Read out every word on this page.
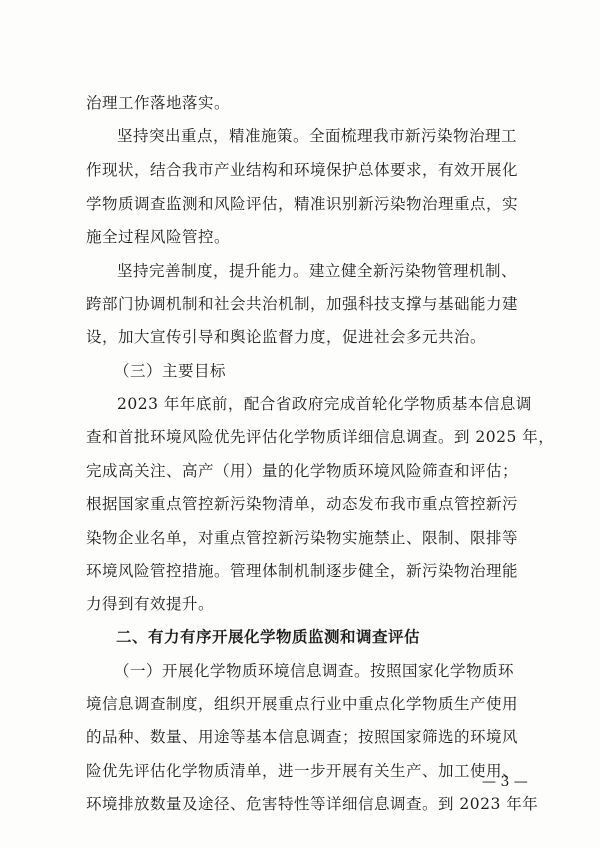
治理工作落地落实。
坚持突出重点，精准施策。全面梳理我市新污染物治理工
作现状，结合我市产业结构和环境保护总体要求，有效开展化
学物质调查监测和风险评估，精准识别新污染物治理重点，实
施全过程风险管控。
坚持完善制度，提升能力。建立健全新污染物管理机制、
跨部门协调机制和社会共治机制，加强科技支撑与基础能力建
设，加大宣传引导和舆论监督力度，促进社会多元共治。
（三）主要目标
2023 年年底前，配合省政府完成首轮化学物质基本信息调
查和首批环境风险优先评估化学物质详细信息调查。到 2025 年，
完成高关注、高产（用）量的化学物质环境风险筛查和评估；
根据国家重点管控新污染物清单，动态发布我市重点管控新污
染物企业名单，对重点管控新污染物实施禁止、限制、限排等
环境风险管控措施。管理体制机制逐步健全，新污染物治理能
力得到有效提升。
二、有力有序开展化学物质监测和调查评估
（一）开展化学物质环境信息调查。按照国家化学物质环
境信息调查制度，组织开展重点行业中重点化学物质生产使用
的品种、数量、用途等基本信息调查；按照国家筛选的环境风
险优先评估化学物质清单，进一步开展有关生产、加工使用、
环境排放数量及途径、危害特性等详细信息调查。到 2023 年年
— 3 —
